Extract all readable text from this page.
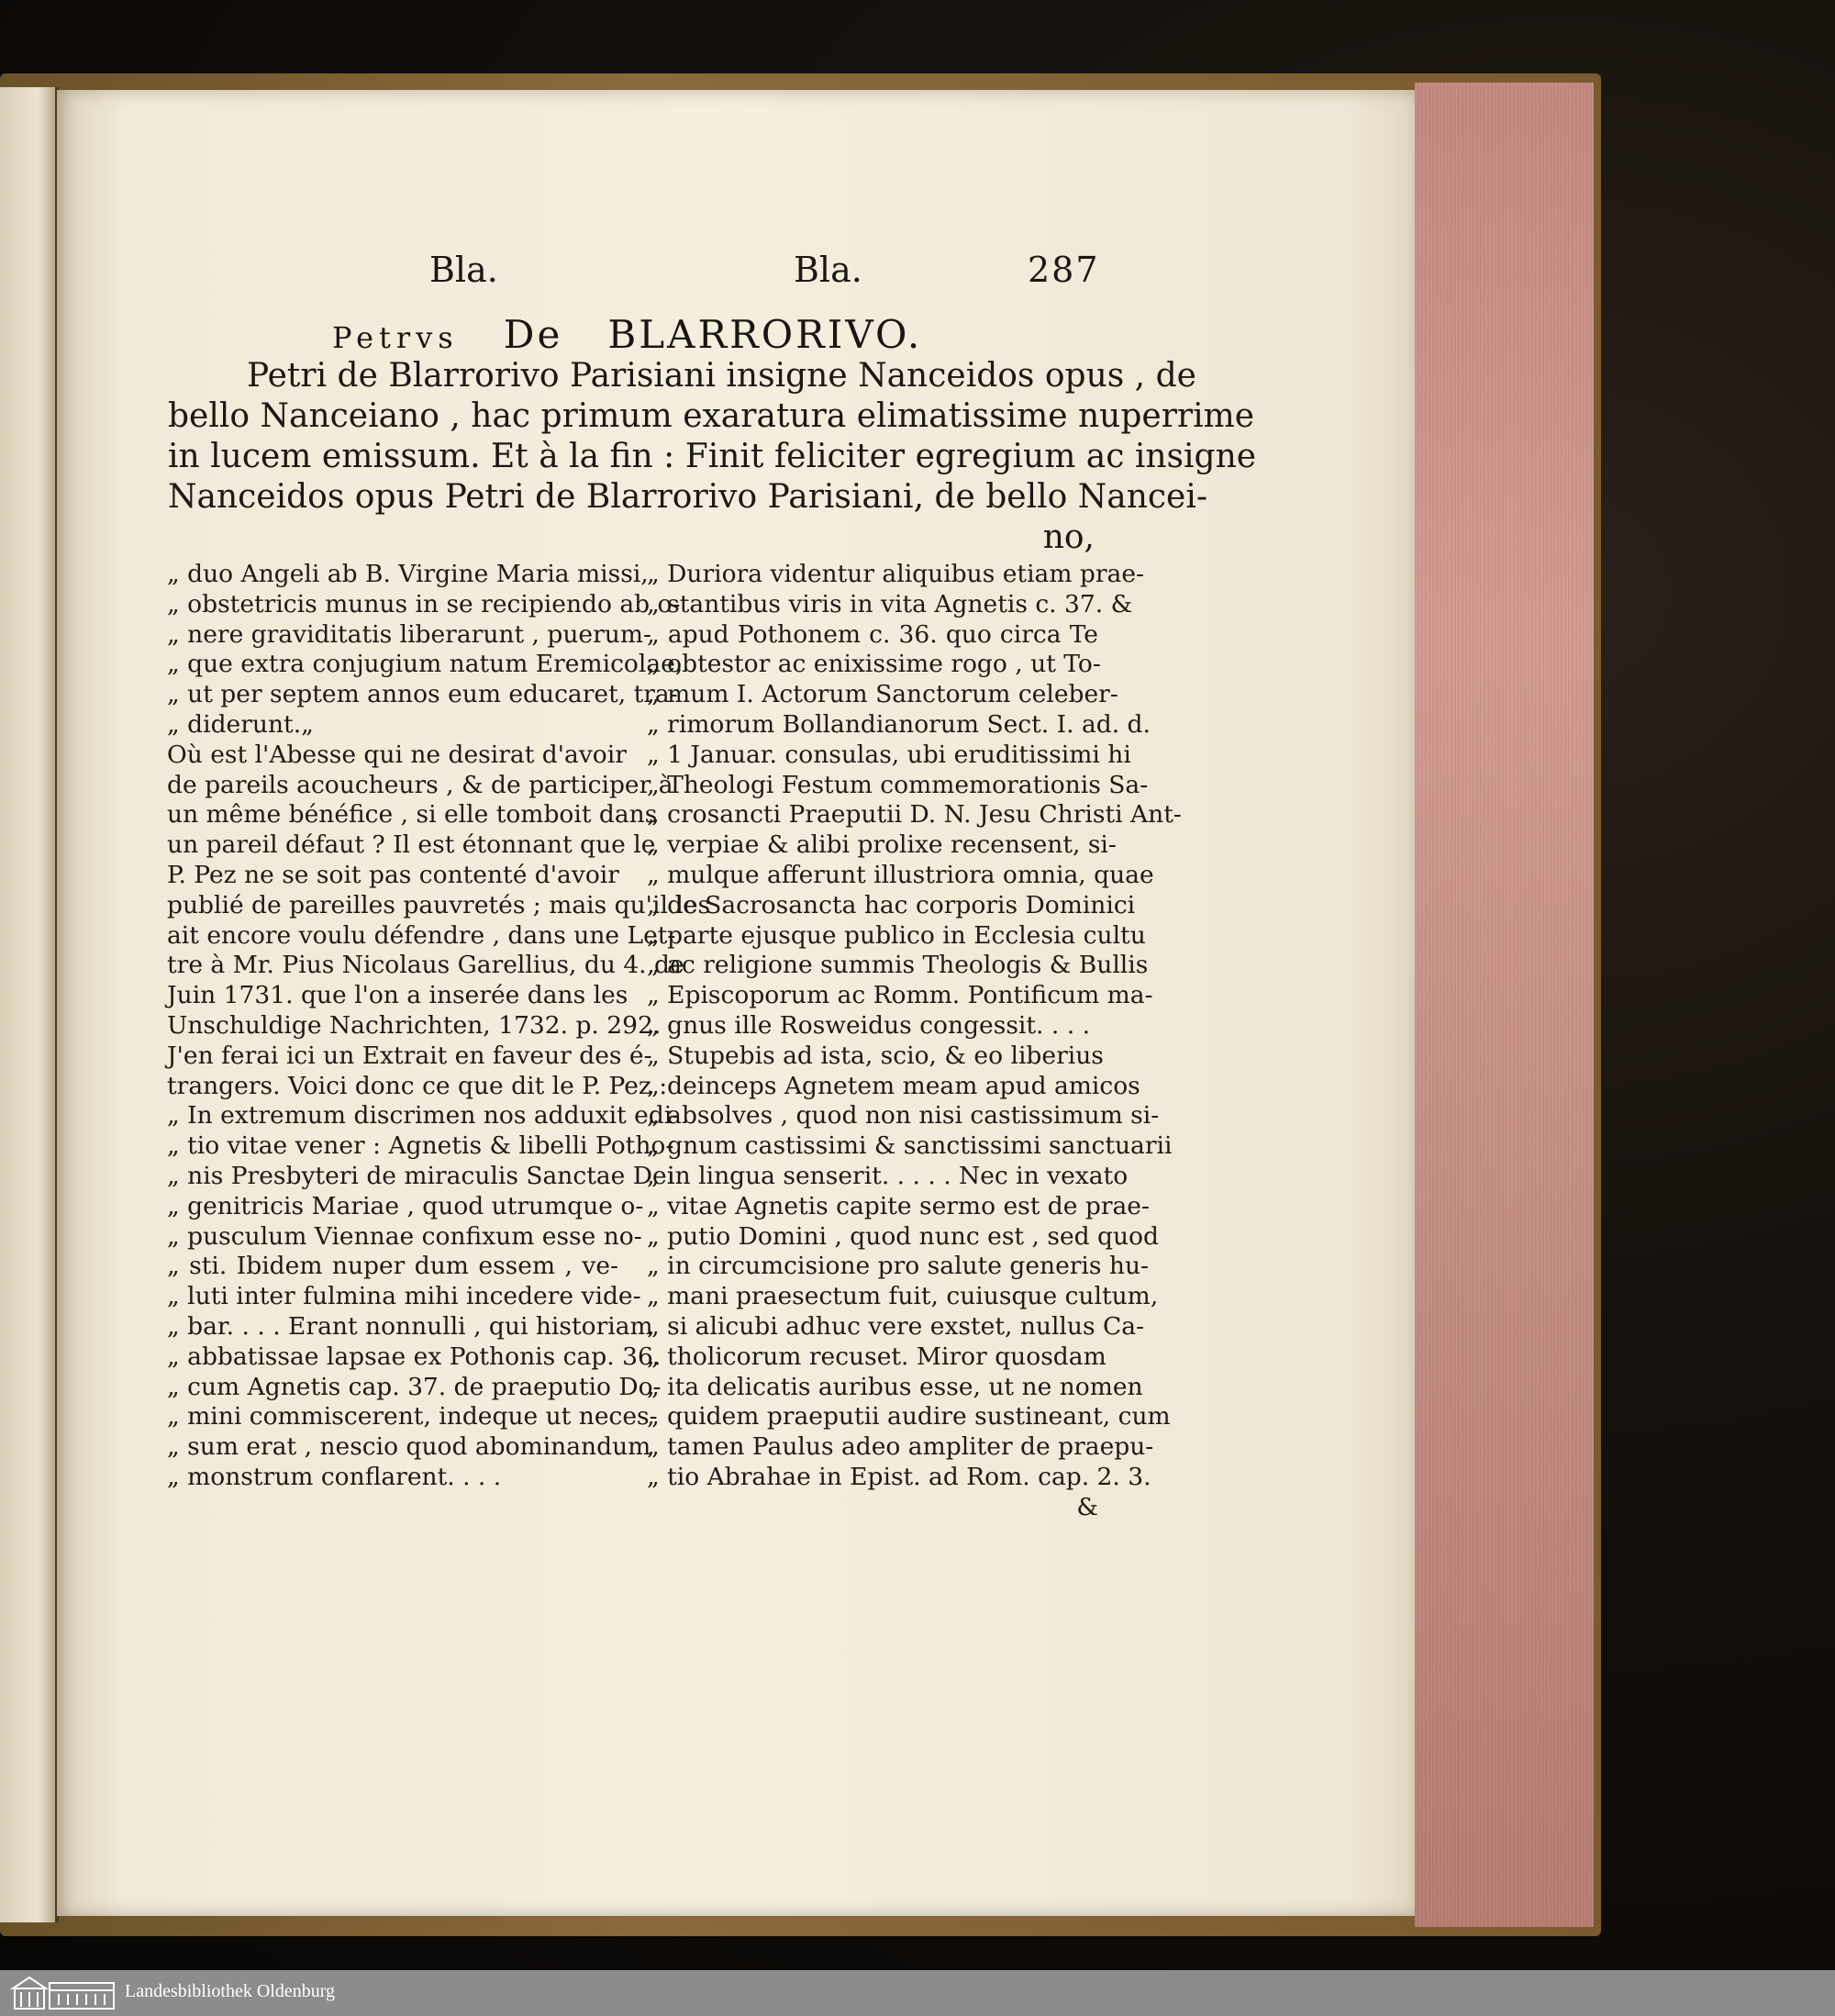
Bla.	Bla.	287
Petrvs De BLARRORIVO.
Petri de Blarrorivo Parisiani insigne Nanceidos opus , de
bello Nanceiano , hac primum exaratura elimatissime nuperrime
in lucem emissum. Et à la fin : Finit feliciter egregium ac insigne
Nanceidos opus Petri de Blarrorivo Parisiani, de bello Nancei-
no,
„ duo Angeli ab B. Virgine Maria missi,
„ obstetricis munus in se recipiendo ab o-
„ nere graviditatis liberarunt , puerum-
„ que extra conjugium natum Eremicolae,
„ ut per septem annos eum educaret, tra-
„ diderunt.„
Où est l'Abesse qui ne desirat d'avoir
de pareils acoucheurs , & de participer à
un même bénéfice , si elle tomboit dans
un pareil défaut ? Il est étonnant que le
P. Pez ne se soit pas contenté d'avoir
publié de pareilles pauvretés ; mais qu'il les
ait encore voulu défendre , dans une Let-
tre à Mr. Pius Nicolaus Garellius, du 4. de
Juin 1731. que l'on a inserée dans les
Unschuldige Nachrichten, 1732. p. 292.
J'en ferai ici un Extrait en faveur des é-
trangers. Voici donc ce que dit le P. Pez :
„ In extremum discrimen nos adduxit edi-
„ tio vitae vener : Agnetis & libelli Potho-
„ nis Presbyteri de miraculis Sanctae Dei
„ genitricis Mariae , quod utrumque o-
„ pusculum Viennae confixum esse no-
„ sti. Ibidem nuper dum essem , ve-
„ luti inter fulmina mihi incedere vide-
„ bar. . . . Erant nonnulli , qui historiam
„ abbatissae lapsae ex Pothonis cap. 36.
„ cum Agnetis cap. 37. de praeputio Do-
„ mini commiscerent, indeque ut neces-
„ sum erat , nescio quod abominandum
„ monstrum conflarent. . . .
„ Duriora videntur aliquibus etiam prae-
„ stantibus viris in vita Agnetis c. 37. &
„ apud Pothonem c. 36. quo circa Te
„ obtestor ac enixissime rogo , ut To-
„ mum I. Actorum Sanctorum celeber-
„ rimorum Bollandianorum Sect. I. ad. d.
„ 1 Januar. consulas, ubi eruditissimi hi
„ Theologi Festum commemorationis Sa-
„ crosancti Praeputii D. N. Jesu Christi Ant-
„ verpiae & alibi prolixe recensent, si-
„ mulque afferunt illustriora omnia, quae
„ de Sacrosancta hac corporis Dominici
„ parte ejusque publico in Ecclesia cultu
„ ac religione summis Theologis & Bullis
„ Episcoporum ac Romm. Pontificum ma-
„ gnus ille Rosweidus congessit. . . .
„ Stupebis ad ista, scio, & eo liberius
„ deinceps Agnetem meam apud amicos
„ absolves , quod non nisi castissimum si-
„ gnum castissimi & sanctissimi sanctuarii
„ in lingua senserit. . . . . Nec in vexato
„ vitae Agnetis capite sermo est de prae-
„ putio Domini , quod nunc est , sed quod
„ in circumcisione pro salute generis hu-
„ mani praesectum fuit, cuiusque cultum,
„ si alicubi adhuc vere exstet, nullus Ca-
„ tholicorum recuset. Miror quosdam
„ ita delicatis auribus esse, ut ne nomen
„ quidem praeputii audire sustineant, cum
„ tamen Paulus adeo ampliter de praepu-
„ tio Abrahae in Epist. ad Rom. cap. 2. 3.
&
Landesbibliothek Oldenburg
